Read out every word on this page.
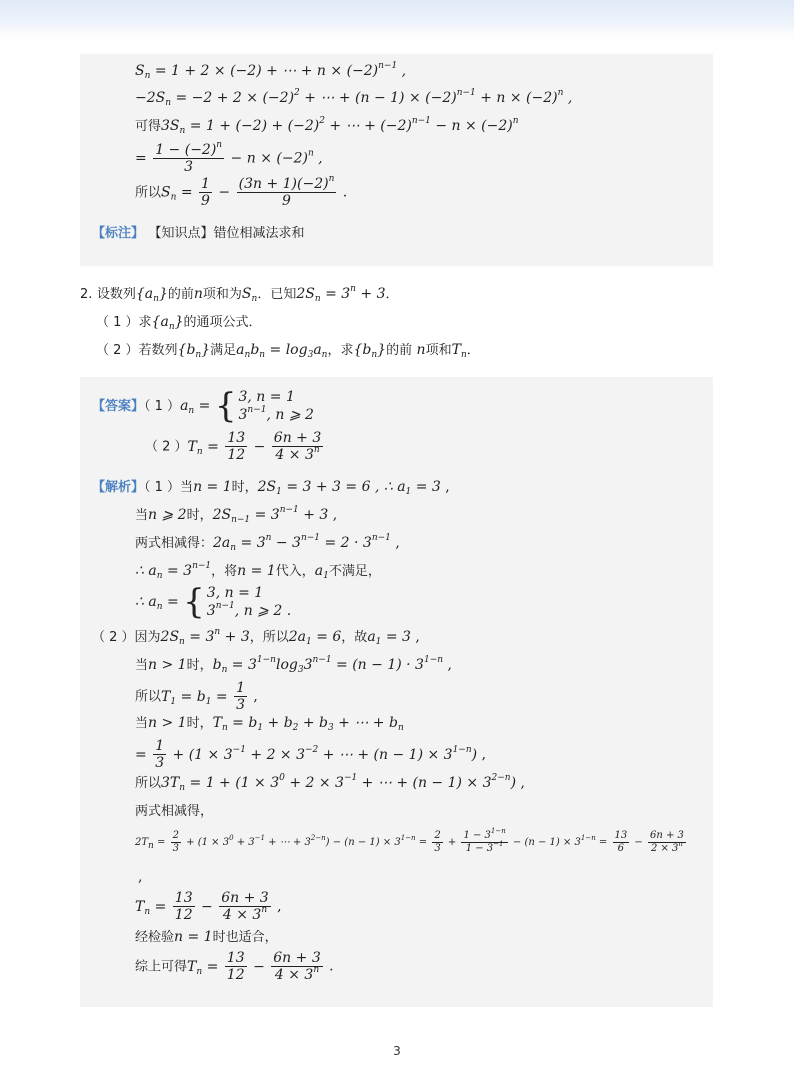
$S_n = 1 + 2 \times (-2)$ + ⋯ + $n \times (-2)^{n-1}$ ,
$-2S_n = -2 + 2 \times (-2)^2$ + ⋯ + $(n - 1) \times (-2)^{n-1} + n \times (-2)^n$ ,
可得$3S_n = 1 + (-2) + (-2)^2$ + ⋯ + $(-2)^{n-1} - n \times (-2)^n$
= $\frac{1 - (-2)^n}{3} - n \times (-2)^n$ ,
所以$S_n = \frac{1}{9} - \frac{(3n + 1)(-2)^n}{9}$ .
【标注】 【知识点】错位相减法求和
2. 设数列$\{a_n\}$的前n项和为$S_n$．已知$2S_n = 3^n + 3$．
（ 1 ）求$\{a_n\}$的通项公式．
（ 2 ）若数列$\{b_n\}$满足$a_nb_n = \log_3a_n$，求$\{b_n\}$的前 n项和$T_n$．
【答案】（ 1 ）$a_n$ = { 3, n = 1
$3^{n-1}$, n ⩾ 2
（ 2 ）$T_n = \frac{13}{12} - \frac{6n + 3}{4 \times 3^n}$
【解析】（ 1 ）当n = 1时，$2S_1 = 3 + 3 = 6$ , ∴ $a_1 = 3$ ,
当n ⩾ 2时，$2S_{n-1} = 3^{n-1} + 3$ ,
两式相减得：$2a_n = 3^n - 3^{n-1} = 2 \cdot 3^{n-1}$ ,
∴ $a_n = 3^{n-1}$，将n = 1代入，$a_1$不满足，
∴ $a_n$ = { 3, n = 1
$3^{n-1}$, n ⩾ 2 .
（ 2 ）因为$2S_n = 3^n + 3$，所以$2a_1 = 6$，故$a_1 = 3$ ,
当n > 1时，$b_n = 3^{1-n}\log_33^{n-1} = (n - 1) \cdot 3^{1-n}$ ,
所以$T_1 = b_1 = \frac{1}{3}$ ,
当n > 1时，$T_n = b_1 + b_2 + b_3$ + ⋯ + $b_n$
= $\frac{1}{3} + (1 \times 3^{-1} + 2 \times 3^{-2}$ + ⋯ + $(n - 1) \times 3^{1-n}$) ,
所以$3T_n = 1 + (1 \times 3^0 + 2 \times 3^{-1}$ + ⋯ + $(n - 1) \times 3^{2-n}$) ,
两式相减得，
$2T_n = \frac{2}{3} + (1 \times 3^0 + 3^{-1}$ + ⋯ + $3^{2-n}) - (n - 1) \times 3^{1-n} = \frac{2}{3} + \frac{1 - 3^{1-n}}{1 - 3^{-1}} - (n - 1) \times 3^{1-n} = \frac{13}{6} - \frac{6n + 3}{2 \times 3^n}$
,
$T_n = \frac{13}{12} - \frac{6n + 3}{4 \times 3^n}$ ,
经检验n = 1时也适合，
综上可得$T_n = \frac{13}{12} - \frac{6n + 3}{4 \times 3^n}$ .
3
